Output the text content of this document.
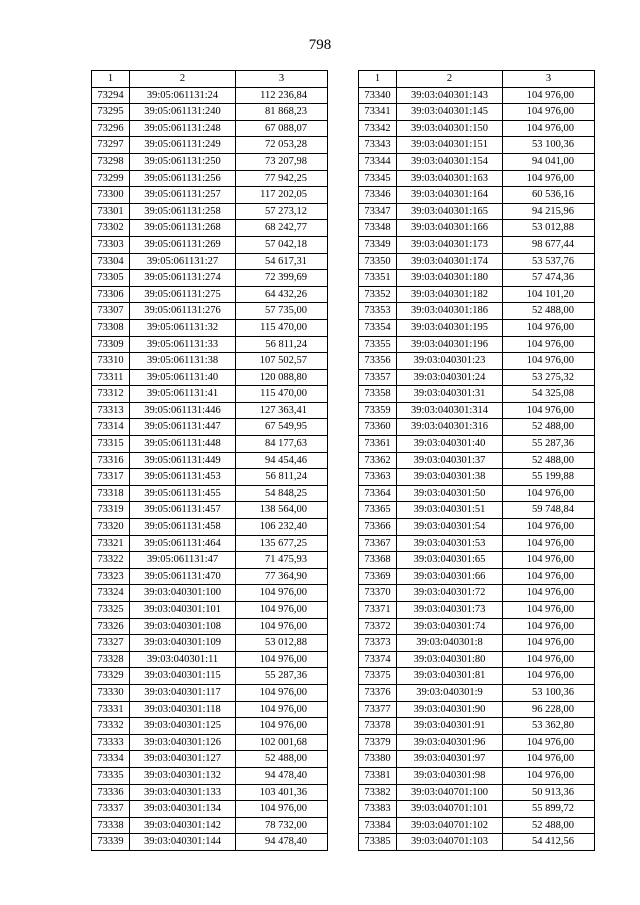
798
1	2	3
73294	39:05:061131:24	112 236,84
73295	39:05:061131:240	81 868,23
73296	39:05:061131:248	67 088,07
73297	39:05:061131:249	72 053,28
73298	39:05:061131:250	73 207,98
73299	39:05:061131:256	77 942,25
73300	39:05:061131:257	117 202,05
73301	39:05:061131:258	57 273,12
73302	39:05:061131:268	68 242,77
73303	39:05:061131:269	57 042,18
73304	39:05:061131:27	54 617,31
73305	39:05:061131:274	72 399,69
73306	39:05:061131:275	64 432,26
73307	39:05:061131:276	57 735,00
73308	39:05:061131:32	115 470,00
73309	39:05:061131:33	56 811,24
73310	39:05:061131:38	107 502,57
73311	39:05:061131:40	120 088,80
73312	39:05:061131:41	115 470,00
73313	39:05:061131:446	127 363,41
73314	39:05:061131:447	67 549,95
73315	39:05:061131:448	84 177,63
73316	39:05:061131:449	94 454,46
73317	39:05:061131:453	56 811,24
73318	39:05:061131:455	54 848,25
73319	39:05:061131:457	138 564,00
73320	39:05:061131:458	106 232,40
73321	39:05:061131:464	135 677,25
73322	39:05:061131:47	71 475,93
73323	39:05:061131:470	77 364,90
73324	39:03:040301:100	104 976,00
73325	39:03:040301:101	104 976,00
73326	39:03:040301:108	104 976,00
73327	39:03:040301:109	53 012,88
73328	39:03:040301:11	104 976,00
73329	39:03:040301:115	55 287,36
73330	39:03:040301:117	104 976,00
73331	39:03:040301:118	104 976,00
73332	39:03:040301:125	104 976,00
73333	39:03:040301:126	102 001,68
73334	39:03:040301:127	52 488,00
73335	39:03:040301:132	94 478,40
73336	39:03:040301:133	103 401,36
73337	39:03:040301:134	104 976,00
73338	39:03:040301:142	78 732,00
73339	39:03:040301:144	94 478,40
1	2	3
73340	39:03:040301:143	104 976,00
73341	39:03:040301:145	104 976,00
73342	39:03:040301:150	104 976,00
73343	39:03:040301:151	53 100,36
73344	39:03:040301:154	94 041,00
73345	39:03:040301:163	104 976,00
73346	39:03:040301:164	60 536,16
73347	39:03:040301:165	94 215,96
73348	39:03:040301:166	53 012,88
73349	39:03:040301:173	98 677,44
73350	39:03:040301:174	53 537,76
73351	39:03:040301:180	57 474,36
73352	39:03:040301:182	104 101,20
73353	39:03:040301:186	52 488,00
73354	39:03:040301:195	104 976,00
73355	39:03:040301:196	104 976,00
73356	39:03:040301:23	104 976,00
73357	39:03:040301:24	53 275,32
73358	39:03:040301:31	54 325,08
73359	39:03:040301:314	104 976,00
73360	39:03:040301:316	52 488,00
73361	39:03:040301:40	55 287,36
73362	39:03:040301:37	52 488,00
73363	39:03:040301:38	55 199,88
73364	39:03:040301:50	104 976,00
73365	39:03:040301:51	59 748,84
73366	39:03:040301:54	104 976,00
73367	39:03:040301:53	104 976,00
73368	39:03:040301:65	104 976,00
73369	39:03:040301:66	104 976,00
73370	39:03:040301:72	104 976,00
73371	39:03:040301:73	104 976,00
73372	39:03:040301:74	104 976,00
73373	39:03:040301:8	104 976,00
73374	39:03:040301:80	104 976,00
73375	39:03:040301:81	104 976,00
73376	39:03:040301:9	53 100,36
73377	39:03:040301:90	96 228,00
73378	39:03:040301:91	53 362,80
73379	39:03:040301:96	104 976,00
73380	39:03:040301:97	104 976,00
73381	39:03:040301:98	104 976,00
73382	39:03:040701:100	50 913,36
73383	39:03:040701:101	55 899,72
73384	39:03:040701:102	52 488,00
73385	39:03:040701:103	54 412,56
